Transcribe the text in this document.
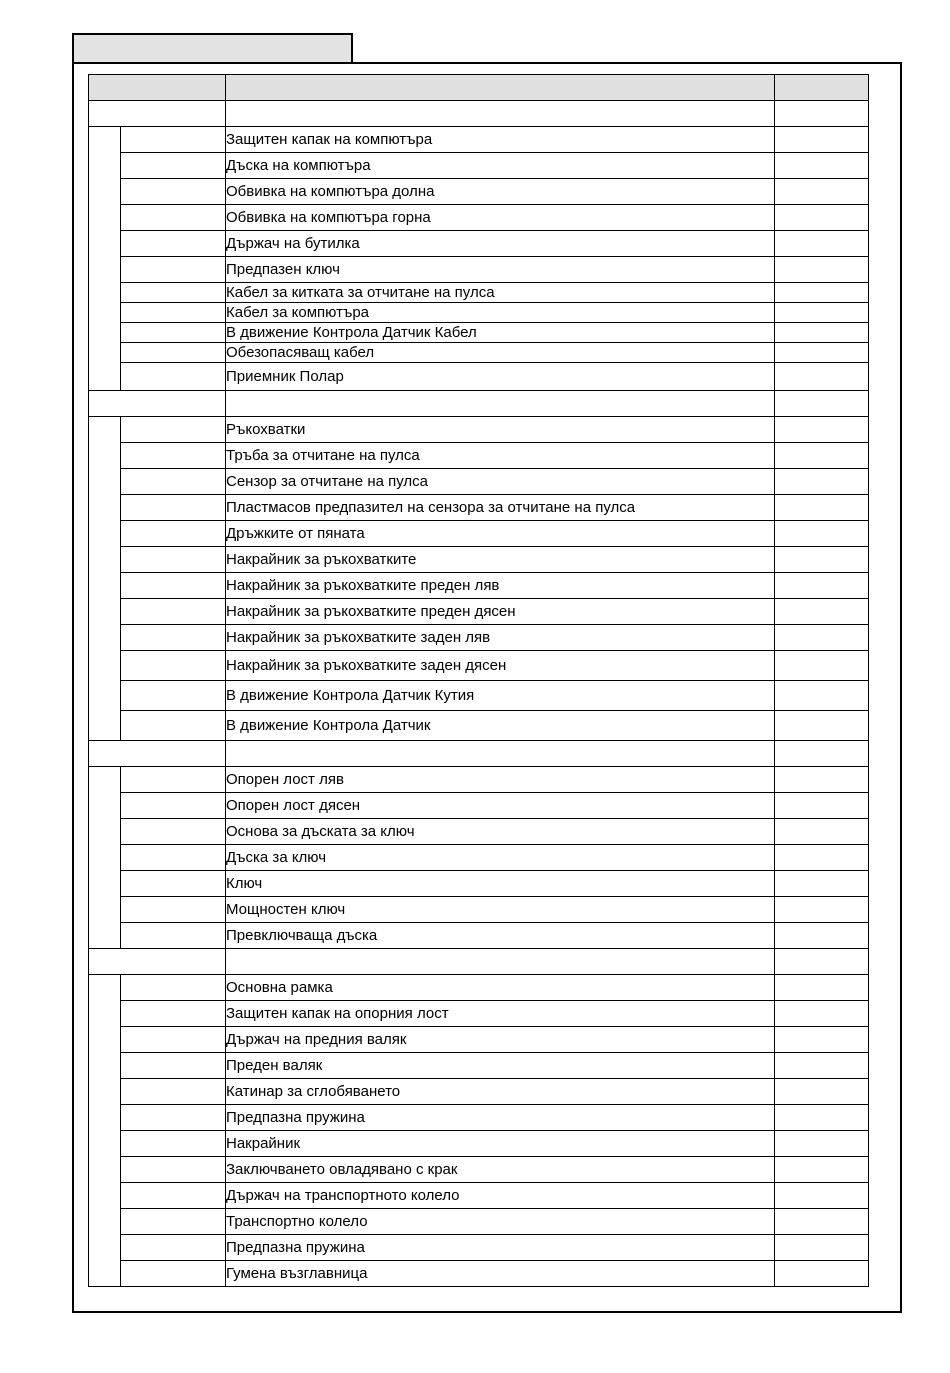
		Защитен капак на компютъра	
		Дъска на компютъра	
		Обвивка на компютъра долна	
		Обвивка на компютъра горна	
		Държач на бутилка	
		Предпазен ключ	
		Кабел за китката за отчитане на пулса	
		Кабел за компютъра	
		В движение Контрола Датчик Кабел	
		Обезопасяващ кабел	
		Приемник Полар	

		Ръкохватки	
		Тръба за отчитане на пулса	
		Сензор за отчитане на пулса	
		Пластмасов предпазител на сензора за отчитане на пулса	
		Дръжките от пяната	
		Накрайник за ръкохватките	
		Накрайник за ръкохватките преден ляв	
		Накрайник за ръкохватките преден дясен	
		Накрайник за ръкохватките заден ляв	
		Накрайник за ръкохватките заден дясен	
		В движение Контрола Датчик Кутия	
		В движение Контрола Датчик	

		Опорен лост ляв	
		Опорен лост дясен	
		Основа за дъската за ключ	
		Дъска за ключ	
		Ключ	
		Мощностен ключ	
		Превключваща дъска	

		Основна рамка	
		Защитен капак на опорния лост	
		Държач на предния валяк	
		Преден валяк	
		Катинар за сглобяването	
		Предпазна пружина	
		Накрайник	
		Заключването овладявано с крак	
		Държач на транспортното колело	
		Транспортно колело	
		Предпазна пружина	
		Гумена възглавница	
